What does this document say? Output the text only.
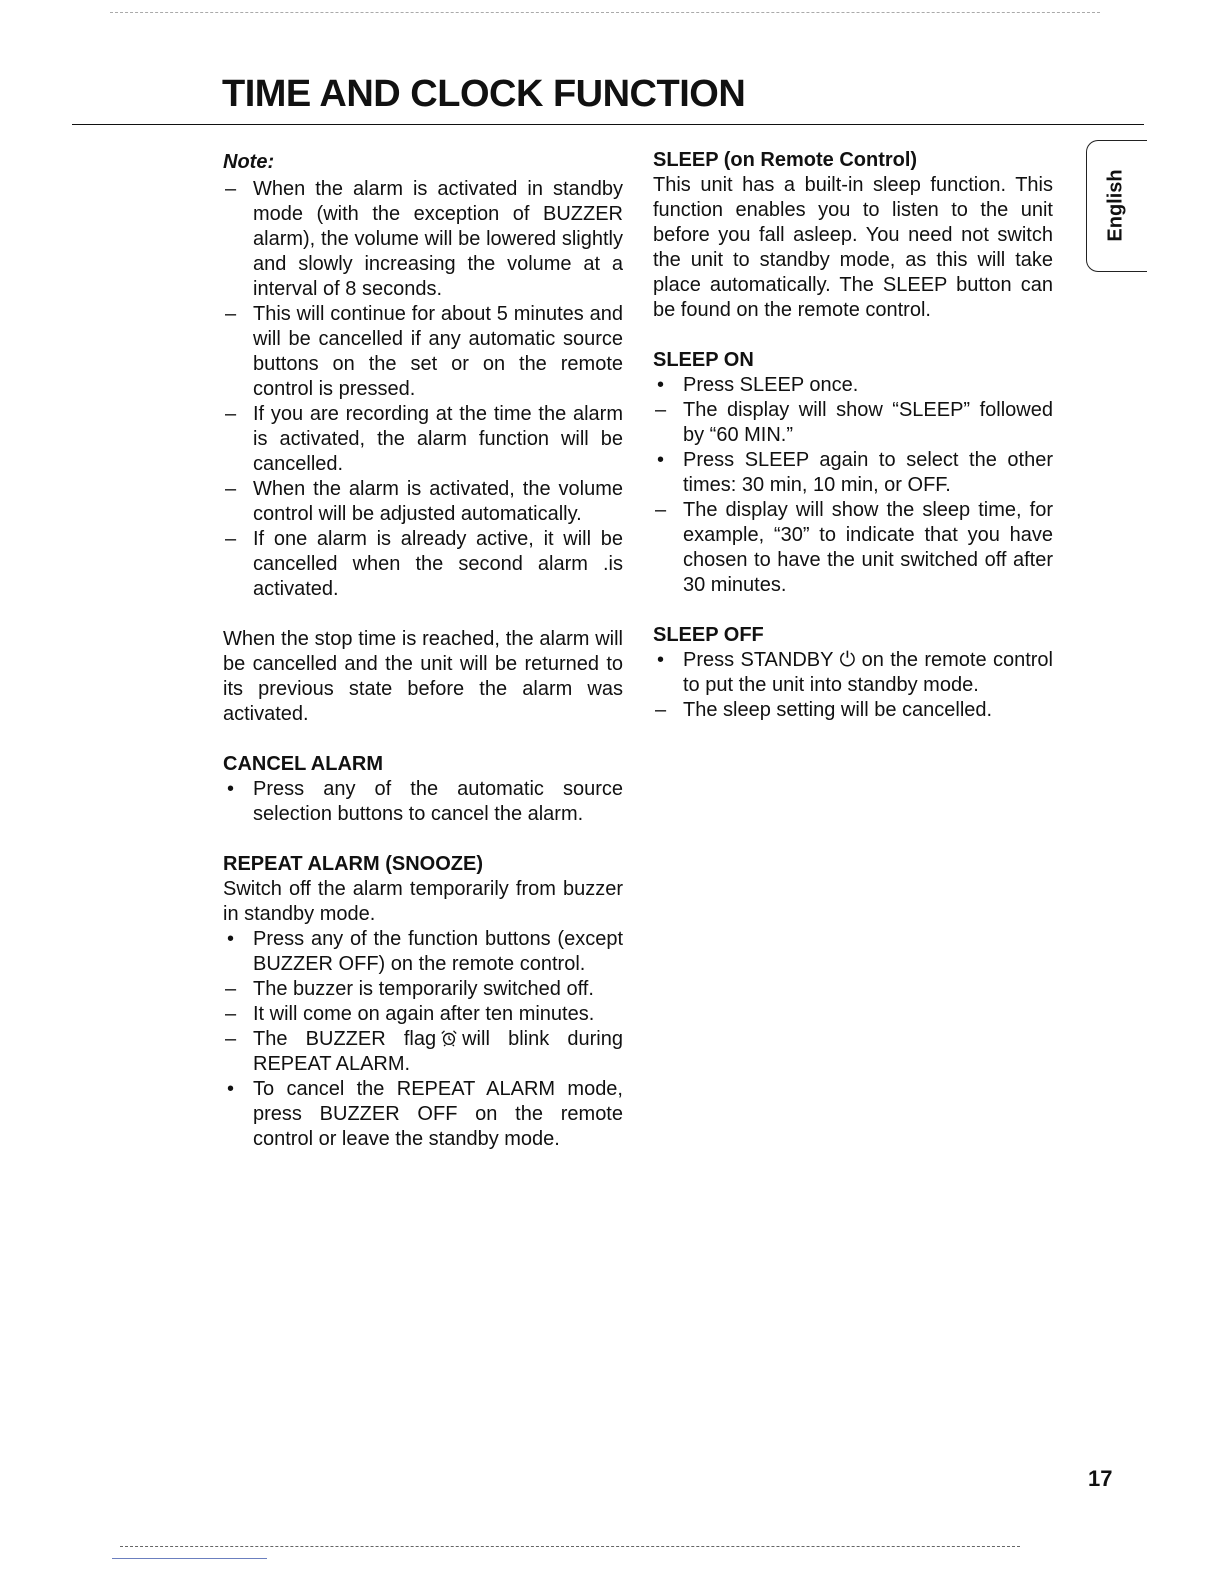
TIME AND CLOCK FUNCTION
English

Note:

– When the alarm is activated in standby mode (with the exception of BUZZER alarm), the volume will be lowered slightly and slowly increasing the volume at a interval of 8 seconds.
– This will continue for about 5 minutes and will be cancelled if any automatic source buttons on the set or on the remote control is pressed.
– If you are recording at the time the alarm is activated, the alarm function will be cancelled.
– When the alarm is activated, the volume control will be adjusted automatically.
– If one alarm is already active, it will be cancelled when the second alarm .is activated.

When the stop time is reached, the alarm will be cancelled and the unit will be returned to its previous state before the alarm was activated.

CANCEL ALARM

• Press any of the automatic source selection buttons to cancel the alarm.

REPEAT ALARM (SNOOZE)

Switch off the alarm temporarily from buzzer in standby mode.

• Press any of the function buttons (except BUZZER OFF) on the remote control.
– The buzzer is temporarily switched off.
– It will come on again after ten minutes.
– The BUZZER flag will blink during REPEAT ALARM.
• To cancel the REPEAT ALARM mode, press BUZZER OFF on the remote control or leave the standby mode.

SLEEP (on Remote Control)

This unit has a built-in sleep function. This function enables you to listen to the unit before you fall asleep. You need not switch the unit to standby mode, as this will take place automatically. The SLEEP button can be found on the remote control.

SLEEP ON

• Press SLEEP once.
– The display will show “SLEEP” followed by “60 MIN.”
• Press SLEEP again to select the other times: 30 min, 10 min, or OFF.
– The display will show the sleep time, for example, “30” to indicate that you have chosen to have the unit switched off after 30 minutes.

SLEEP OFF

• Press STANDBY ⏻ on the remote control to put the unit into standby mode.
– The sleep setting will be cancelled.
17
